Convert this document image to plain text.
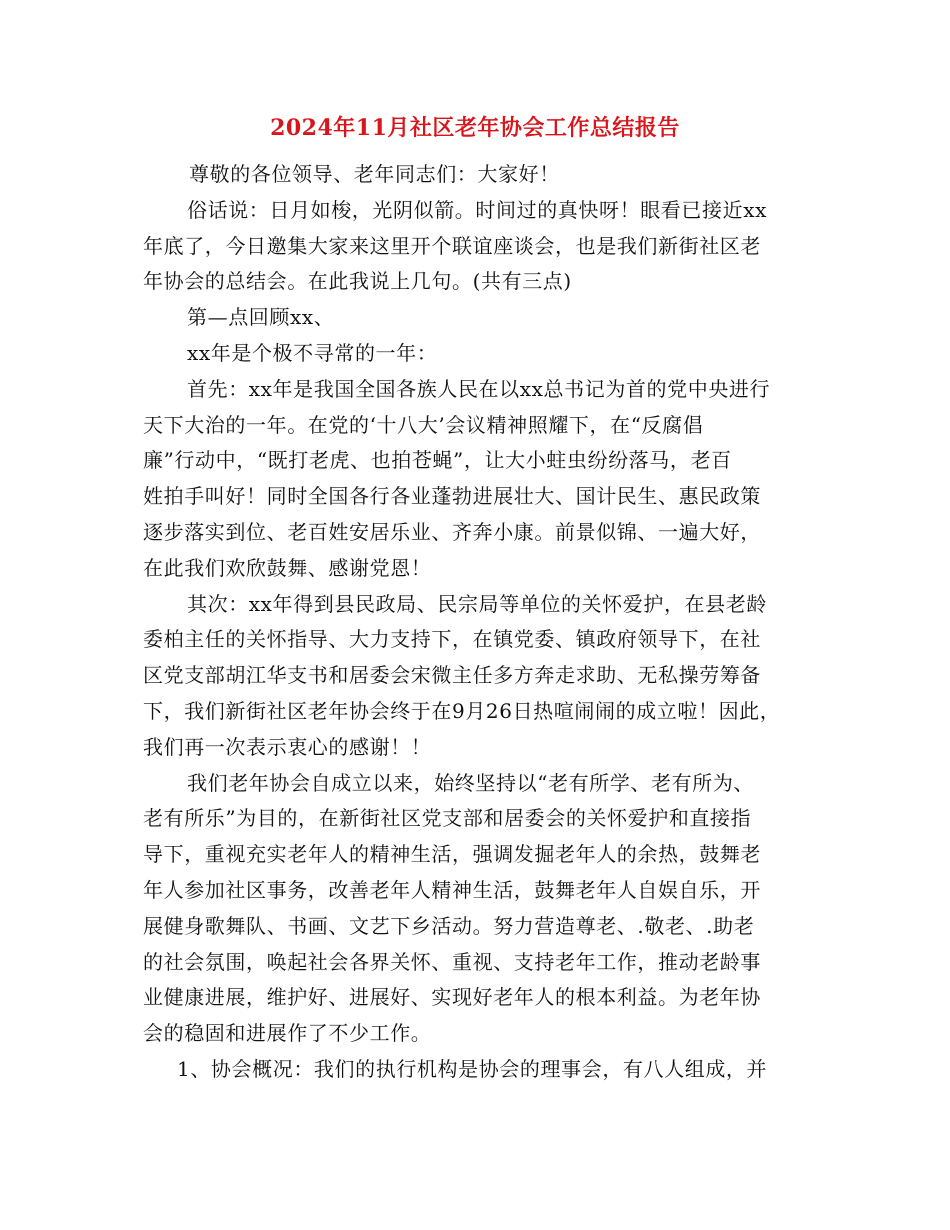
2024年11月社区老年协会工作总结报告
尊敬的各位领导、老年同志们：大家好！
俗话说：日月如梭，光阴似箭。时间过的真快呀！眼看已接近xx
年底了，今日邀集大家来这里开个联谊座谈会，也是我们新街社区老
年协会的总结会。在此我说上几句。(共有三点)
第—点回顾xx、
xx年是个极不寻常的一年：
首先：xx年是我国全国各族人民在以xx总书记为首的党中央进行
天下大治的一年。在党的‘十八大’会议精神照耀下，在“反腐倡
廉”行动中，“既打老虎、也拍苍蝇”，让大小蛀虫纷纷落马，老百
姓拍手叫好！同时全国各行各业蓬勃进展壮大、国计民生、惠民政策
逐步落实到位、老百姓安居乐业、齐奔小康。前景似锦、一遍大好，
在此我们欢欣鼓舞、感谢党恩！
其次：xx年得到县民政局、民宗局等单位的关怀爱护，在县老龄
委柏主任的关怀指导、大力支持下，在镇党委、镇政府领导下，在社
区党支部胡江华支书和居委会宋微主任多方奔走求助、无私操劳筹备
下，我们新街社区老年协会终于在9月26日热喧闹闹的成立啦！因此，
我们再一次表示衷心的感谢！！
我们老年协会自成立以来，始终坚持以“老有所学、老有所为、
老有所乐”为目的，在新街社区党支部和居委会的关怀爱护和直接指
导下，重视充实老年人的精神生活，强调发掘老年人的余热，鼓舞老
年人参加社区事务，改善老年人精神生活，鼓舞老年人自娱自乐，开
展健身歌舞队、书画、文艺下乡活动。努力营造尊老、.敬老、.助老
的社会氛围，唤起社会各界关怀、重视、支持老年工作，推动老龄事
业健康进展，维护好、进展好、实现好老年人的根本利益。为老年协
会的稳固和进展作了不少工作。
1、协会概况：我们的执行机构是协会的理事会，有八人组成，并
